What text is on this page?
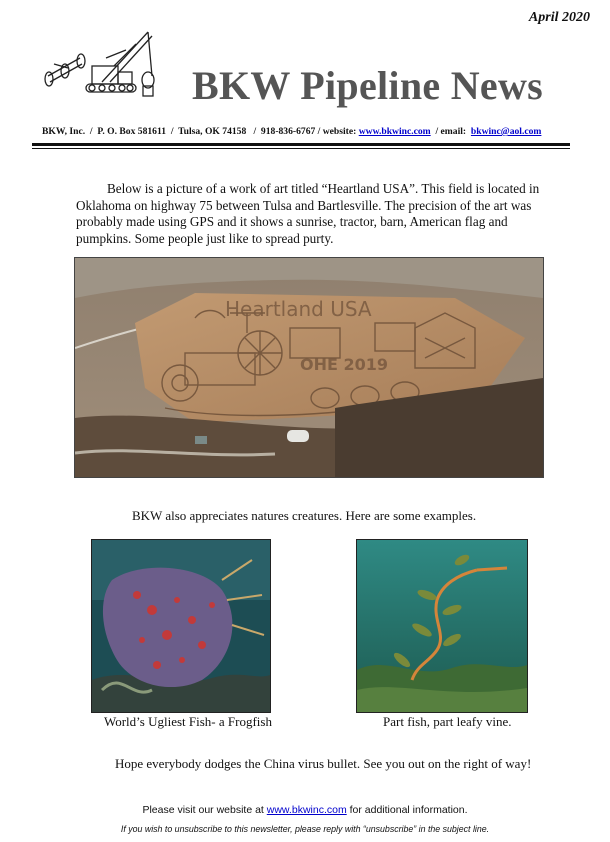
April 2020
BKW Pipeline News
BKW, Inc.  /  P. O. Box 581611  /  Tulsa, OK 74158   /  918-836-6767 / website: www.bkwinc.com  / email:  bkwinc@aol.com
Below is a picture of a work of art titled “Heartland USA”. This field is located in Oklahoma on highway 75 between Tulsa and Bartlesville. The precision of the art was probably made using GPS and it shows a sunrise, tractor, barn, American flag and pumpkins. Some people just like to spread purty.
Heartland USA
OHE 2019
BKW also appreciates natures creatures. Here are some examples.
World’s Ugliest Fish- a Frogfish	Part fish, part leafy vine.
Hope everybody dodges the China virus bullet. See you out on the right of way!
Please visit our website at www.bkwinc.com for additional information.
If you wish to unsubscribe to this newsletter, please reply with “unsubscribe” in the subject line.
